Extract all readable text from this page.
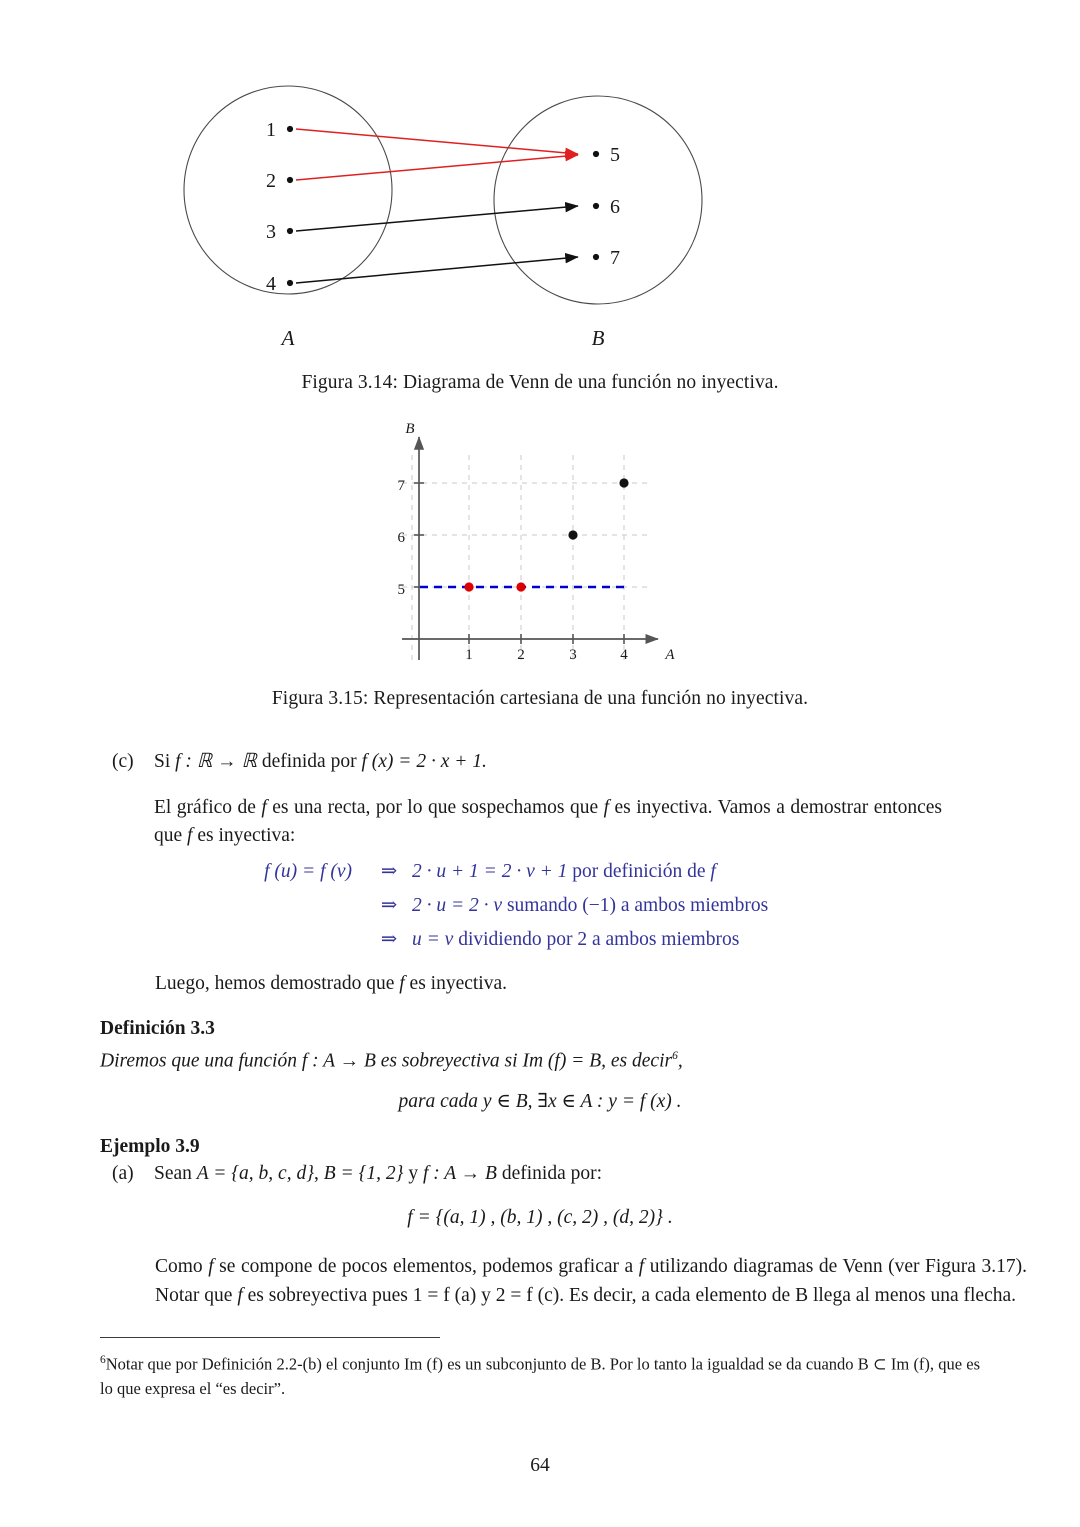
1
2
3
4
5
6
7
A	B
Figura 3.14: Diagrama de Venn de una función no inyectiva.
7
6
5
1	2	3	4
B
A
Figura 3.15: Representación cartesiana de una función no inyectiva.
(c)	Si f : ℝ → ℝ definida por f (x) = 2 · x + 1.
El gráfico de f es una recta, por lo que sospechamos que f es inyectiva. Vamos a demostrar entonces que f es inyectiva:
f (u) = f (v)	⇒ 2 · u + 1 = 2 · v + 1 por definición de f
⇒ 2 · u = 2 · v sumando (−1) a ambos miembros
⇒ u = v dividiendo por 2 a ambos miembros
Luego, hemos demostrado que f es inyectiva.
Definición 3.3
Diremos que una función f : A → B es sobreyectiva si Im (f) = B, es decir$^6$,
para cada y ∈ B, ∃x ∈ A : y = f (x) .
Ejemplo 3.9
(a)	Sean A = {a, b, c, d}, B = {1, 2} y f : A → B definida por:
f = {(a, 1) , (b, 1) , (c, 2) , (d, 2)} .
Como f se compone de pocos elementos, podemos graficar a f utilizando diagramas de Venn (ver Figura 3.17). Notar que f es sobreyectiva pues 1 = f (a) y 2 = f (c). Es decir, a cada elemento de B llega al menos una flecha.
$^6$Notar que por Definición 2.2-(b) el conjunto Im (f) es un subconjunto de B. Por lo tanto la igualdad se da cuando B ⊂ Im (f), que es lo que expresa el “es decir”.
64
